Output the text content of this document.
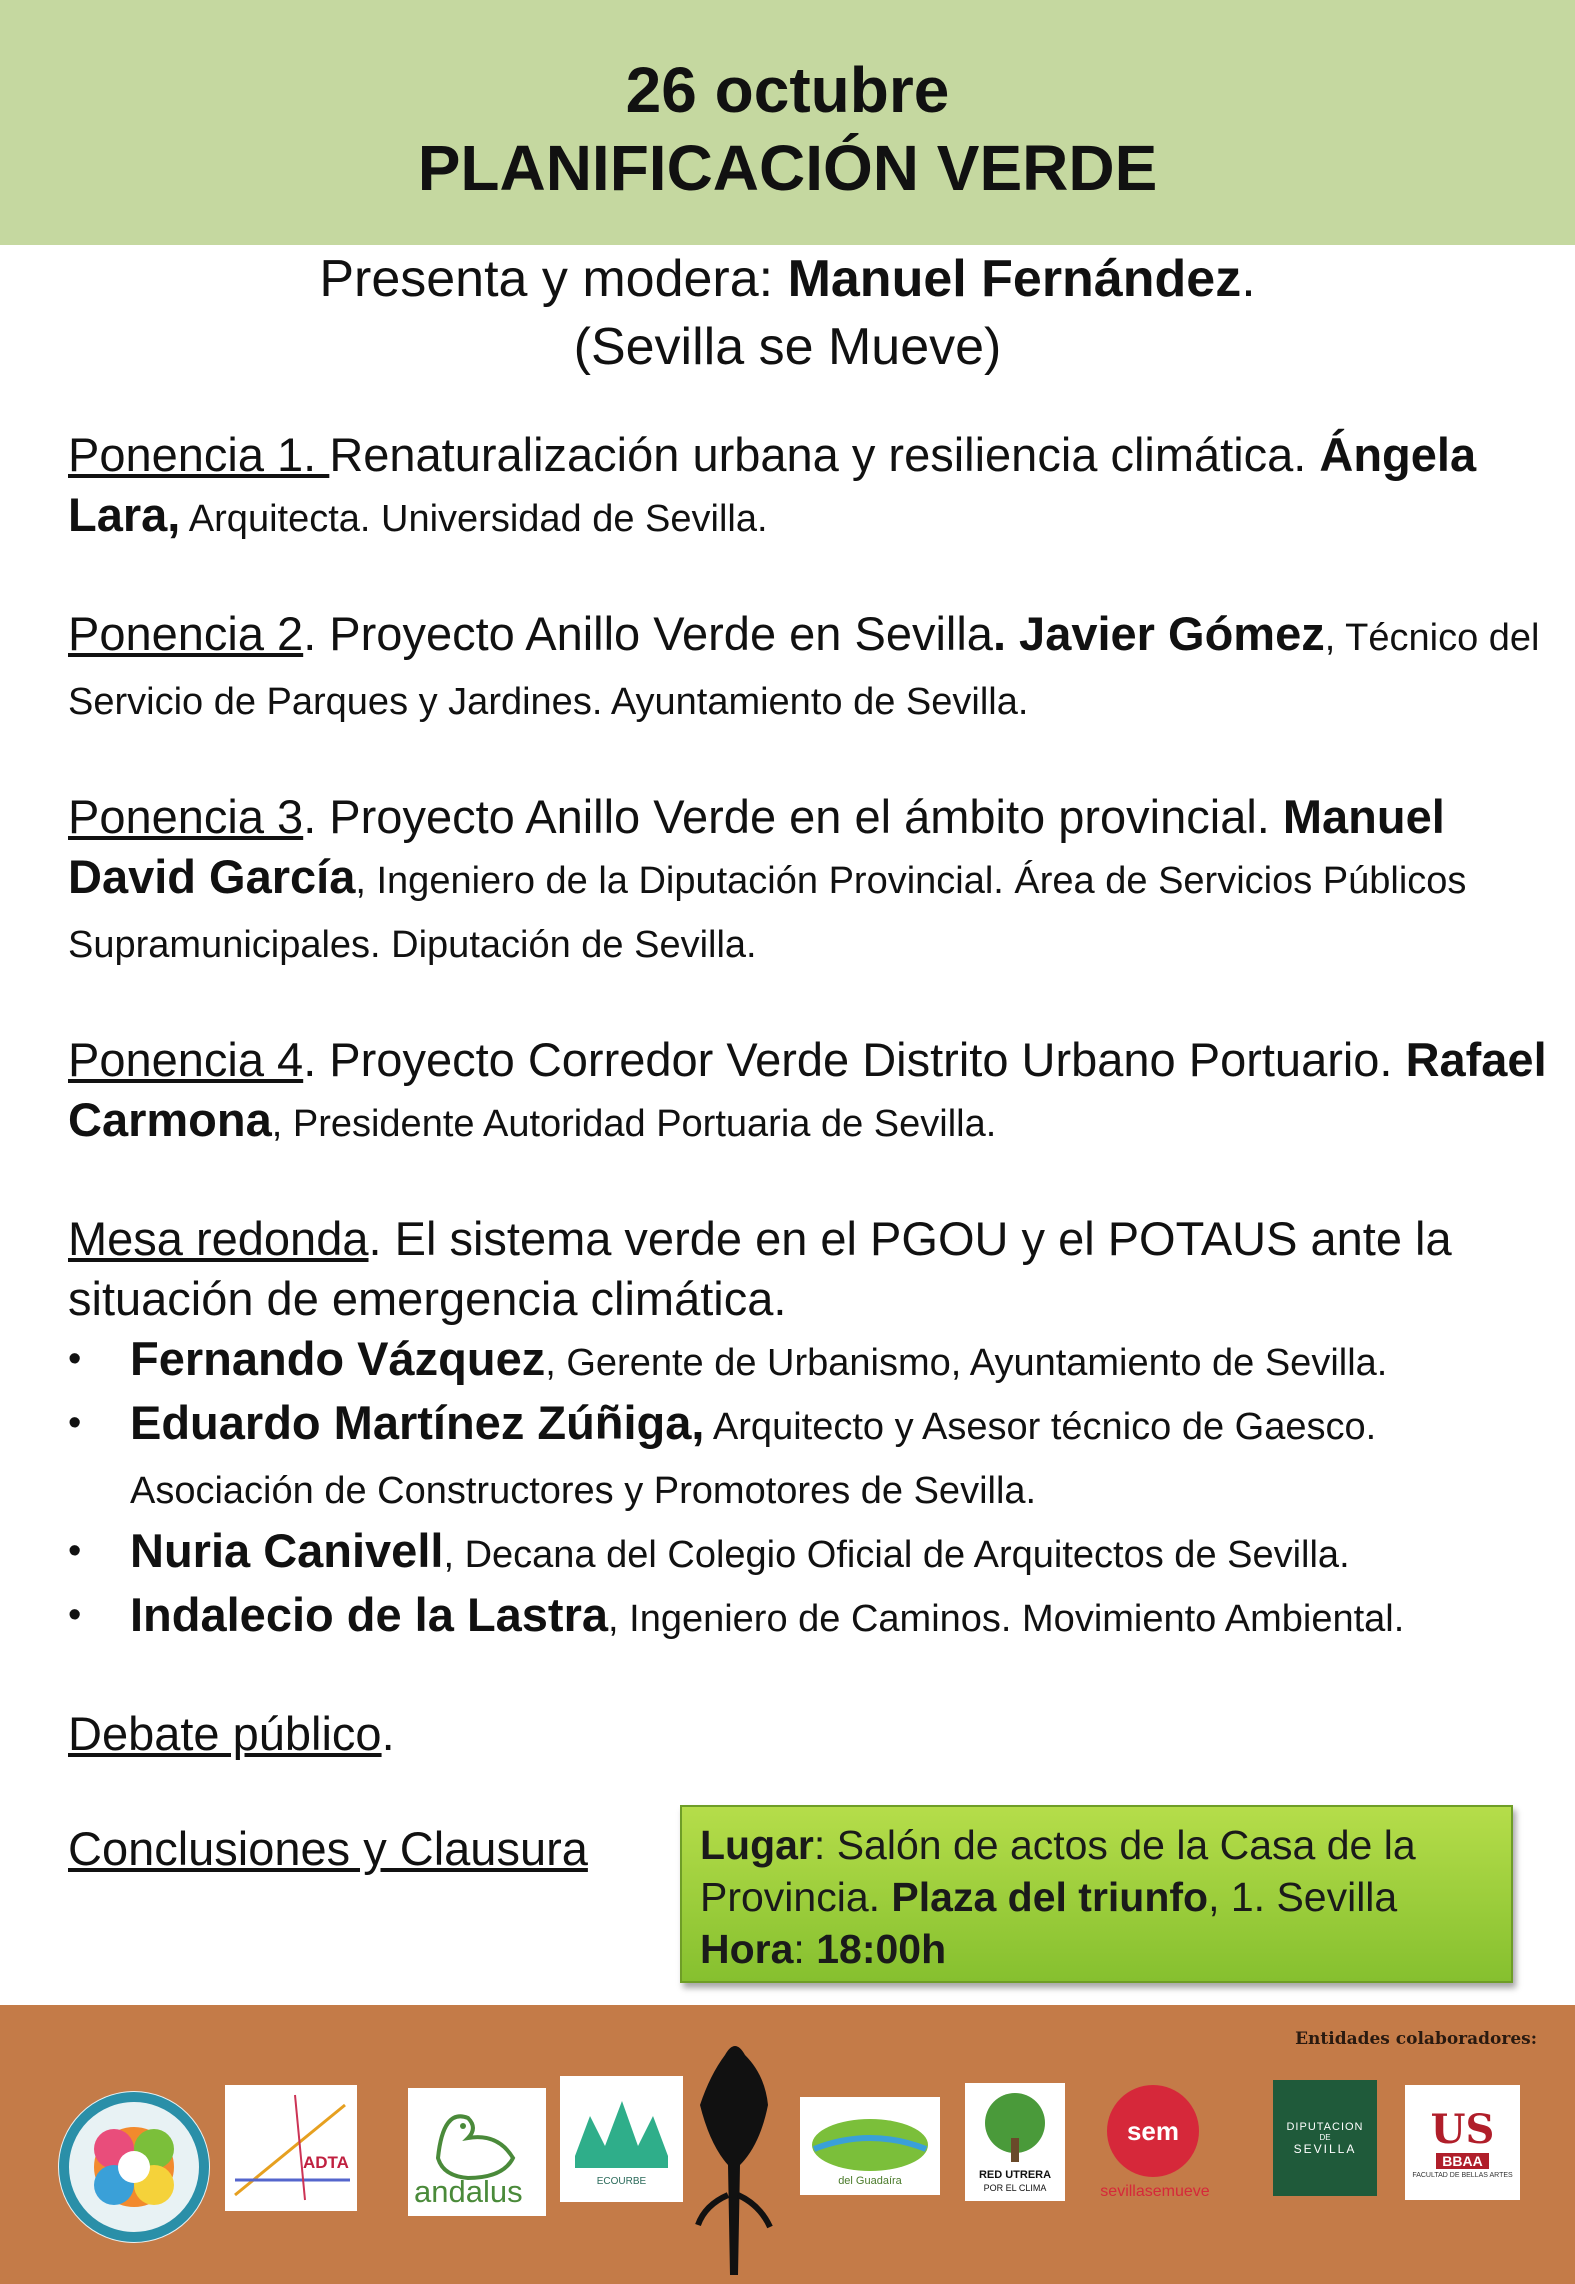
26 octubre
PLANIFICACIÓN VERDE
Presenta y modera: Manuel Fernández.
(Sevilla se Mueve)

Ponencia 1. Renaturalización urbana y resiliencia climática. Ángela Lara, Arquitecta. Universidad de Sevilla.

Ponencia 2. Proyecto Anillo Verde en Sevilla. Javier Gómez, Técnico del Servicio de Parques y Jardines. Ayuntamiento de Sevilla.

Ponencia 3. Proyecto Anillo Verde en el ámbito provincial. Manuel David García, Ingeniero de la Diputación Provincial. Área de Servicios Públicos Supramunicipales. Diputación de Sevilla.

Ponencia 4. Proyecto Corredor Verde Distrito Urbano Portuario. Rafael Carmona, Presidente Autoridad Portuaria de Sevilla.

Mesa redonda. El sistema verde en el PGOU y el POTAUS ante la situación de emergencia climática.

• Fernando Vázquez, Gerente de Urbanismo, Ayuntamiento de Sevilla.
• Eduardo Martínez Zúñiga, Arquitecto y Asesor técnico de Gaesco. Asociación de Constructores y Promotores de Sevilla.
• Nuria Canivell, Decana del Colegio Oficial de Arquitectos de Sevilla.
• Indalecio de la Lastra, Ingeniero de Caminos. Movimiento Ambiental.

Debate público.

Conclusiones y Clausura	Lugar: Salón de actos de la Casa de la Provincia. Plaza del triunfo, 1. Sevilla
Hora: 18:00h
Entidades colaboradores:
ADTA
andalus	ECOURBE	del Guadaíra	RED UTRERA
POR EL CLIMA
sem
sevillasemueve
DIPUTACION
DE
SEVILLA US
BBAA
FACULTAD DE BELLAS ARTES
